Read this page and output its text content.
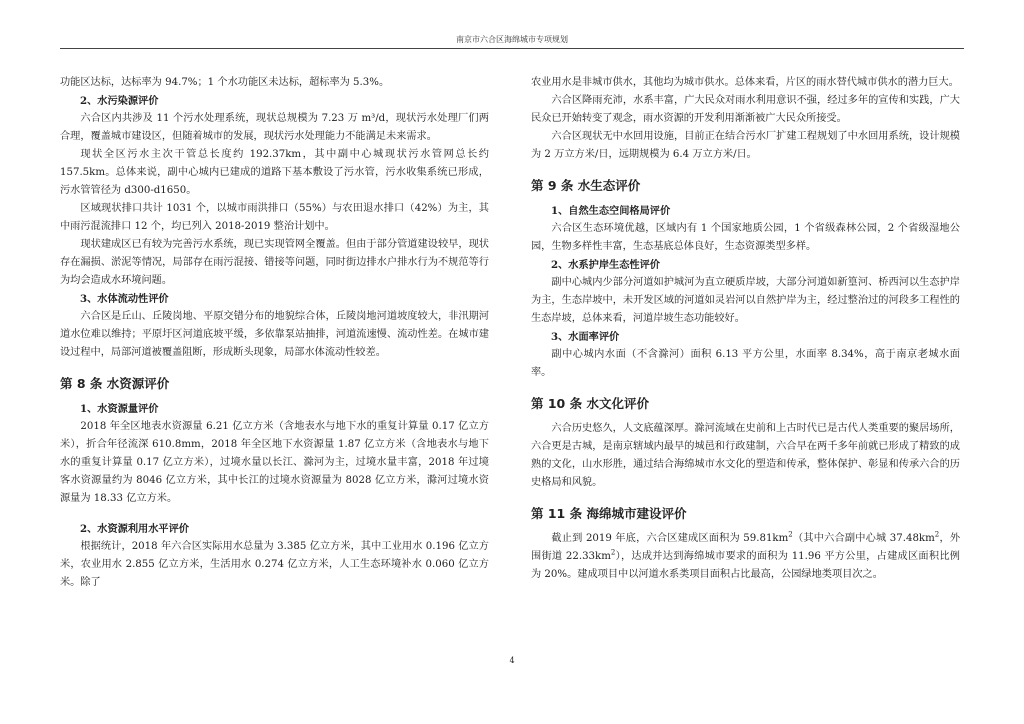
南京市六合区海绵城市专项规划

功能区达标，达标率为 94.7%；1 个水功能区未达标，超标率为 5.3%。

2、水污染源评价

六合区内共涉及 11 个污水处理系统，现状总规模为 7.23 万 m³/d，现状污水处理厂们两合理，覆盖城市建设区，但随着城市的发展，现状污水处理能力不能满足未来需求。

现状全区污水主次干管总长度约 192.37km，其中副中心城现状污水管网总长约 157.5km。总体来说，副中心城内已建成的道路下基本敷设了污水管，污水收集系统已形成，污水管管径为 d300-d1650。

区域现状排口共计 1031 个，以城市雨洪排口（55%）与农田退水排口（42%）为主，其中雨污混流排口 12 个，均已列入 2018-2019 整治计划中。

现状建成区已有较为完善污水系统，现已实现管网全覆盖。但由于部分管道建设较早，现状存在漏损、淤泥等情况，局部存在雨污混接、错接等问题，同时街边排水户排水行为不规范等行为均会造成水环境问题。

3、水体流动性评价

六合区是丘山、丘陵岗地、平原交错分布的地貌综合体，丘陵岗地河道坡度较大，非汛期河道水位难以维持；平原圩区河道底坡平缓，多依靠泵站抽排，河道流速慢、流动性差。在城市建设过程中，局部河道被覆盖阻断，形成断头现象，局部水体流动性较差。

第 8 条 水资源评价
1、水资源量评价

2018 年全区地表水资源量 6.21 亿立方米（含地表水与地下水的重复计算量 0.17 亿立方米），折合年径流深 610.8mm，2018 年全区地下水资源量 1.87 亿立方米（含地表水与地下水的重复计算量 0.17 亿立方米），过境水量以长江、滁河为主，过境水量丰富，2018 年过境客水资源量约为 8046 亿立方米，其中长江的过境水资源量为 8028 亿立方米，滁河过境水资源量为 18.33 亿立方米。

2、水资源利用水平评价

根据统计，2018 年六合区实际用水总量为 3.385 亿立方米，其中工业用水 0.196 亿立方米，农业用水 2.855 亿立方米，生活用水 0.274 亿立方米，人工生态环境补水 0.060 亿立方米。除了

农业用水是非城市供水，其他均为城市供水。总体来看，片区的雨水替代城市供水的潜力巨大。

六合区降雨充沛，水系丰富，广大民众对雨水利用意识不强，经过多年的宣传和实践，广大民众已开始转变了观念，雨水资源的开发利用渐渐被广大民众所接受。

六合区现状无中水回用设施，目前正在结合污水厂扩建工程规划了中水回用系统，设计规模为 2 万立方米/日，远期规模为 6.4 万立方米/日。

第 9 条 水生态评价
1、自然生态空间格局评价

六合区生态环境优越，区域内有 1 个国家地质公园，1 个省级森林公园，2 个省级湿地公园，生物多样性丰富，生态基底总体良好，生态资源类型多样。

2、水系护岸生态性评价

副中心城内少部分河道如护城河为直立硬质岸坡，大部分河道如新篁河、桥西河以生态护岸为主，生态岸坡中，未开发区域的河道如灵岩河以自然护岸为主，经过整治过的河段多工程性的生态岸坡，总体来看，河道岸坡生态功能较好。

3、水面率评价

副中心城内水面（不含滁河）面积 6.13 平方公里，水面率 8.34%，高于南京老城水面率。

第 10 条 水文化评价

六合历史悠久，人文底蕴深厚。滁河流域在史前和上古时代已是古代人类重要的聚居场所，六合更是古城，是南京辖域内最早的城邑和行政建制，六合早在两千多年前就已形成了精致的成熟的文化，山水形胜，通过结合海绵城市水文化的塑造和传承，整体保护、彰显和传承六合的历史格局和风貌。

第 11 条 海绵城市建设评价

截止到 2019 年底，六合区建成区面积为 $59.81km^2$（其中六合副中心城 $37.48km^2$，外围街道 $22.33km^2$），达成并达到海绵城市要求的面积为 11.96 平方公里，占建成区面积比例为 20%。建成项目中以河道水系类项目面积占比最高，公园绿地类项目次之。

4
